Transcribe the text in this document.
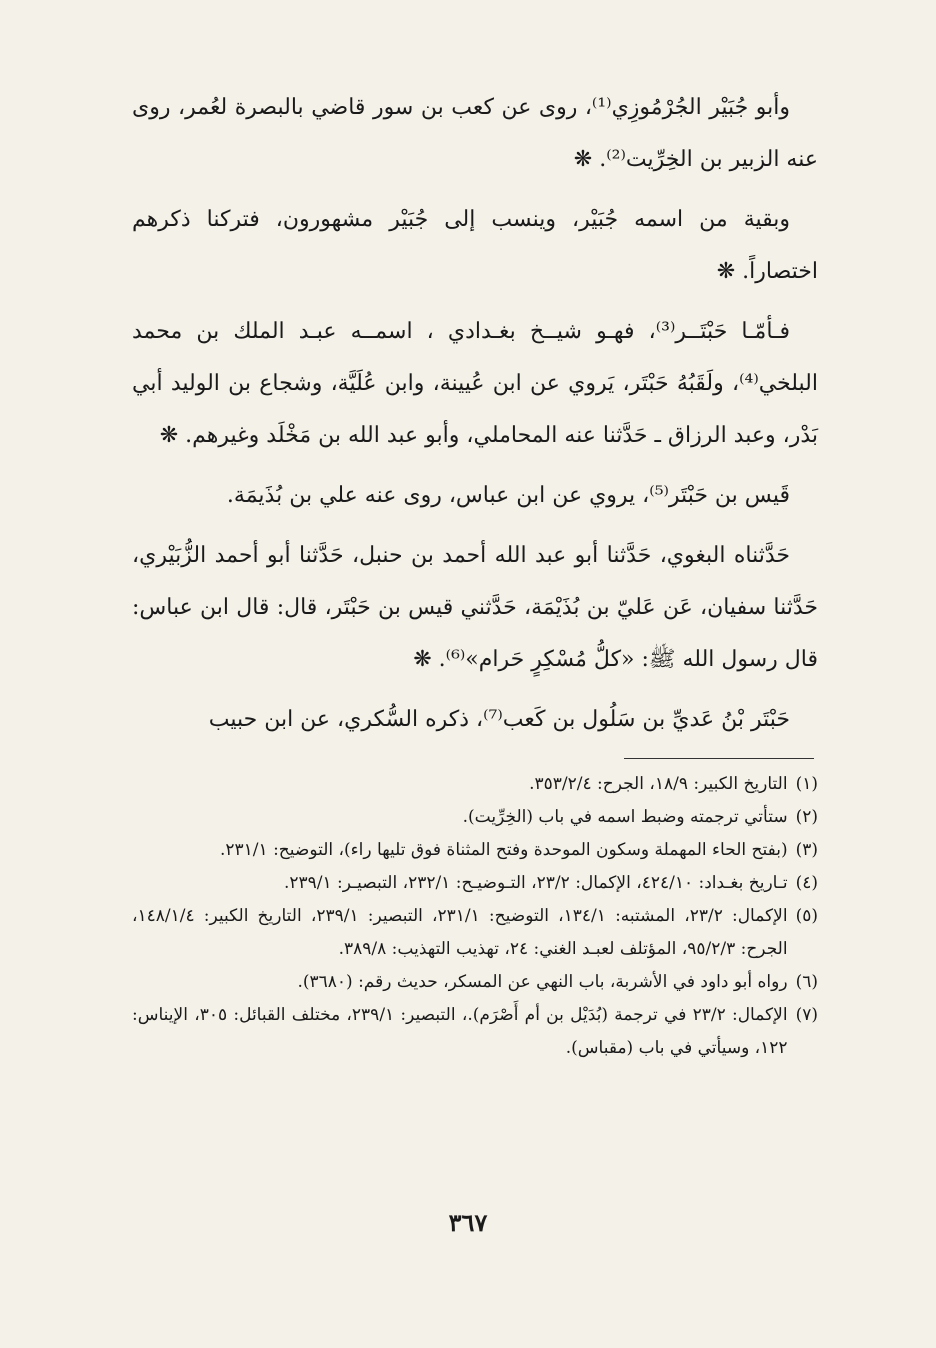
وأبو جُبَيْر الجُرْمُوزِي⁽¹⁾، روى عن كعب بن سور قاضي بالبصرة لعُمر، روى عنه الزبير بن الخِرِّيت⁽²⁾. ❋

وبقية من اسمه جُبَيْر، وينسب إلى جُبَيْر مشهورون، فتركنا ذكرهم اختصاراً. ❋

فـأمّـا حَبْتَــر⁽³⁾، فهـو شيــخ بغـدادي ، اسمــه عبـد الملك بن محمد البلخي⁽⁴⁾، ولَقَبُهُ حَبْتَر، يَروي عن ابن عُيينة، وابن عُلَيَّة، وشجاع بن الوليد أبي بَدْر، وعبد الرزاق ـ حَدَّثنا عنه المحاملي، وأبو عبد الله بن مَخْلَد وغيرهم. ❋

قَيس بن حَبْتَر⁽⁵⁾، يروي عن ابن عباس، روى عنه علي بن بُذَيمَة.

حَدَّثناه البغوي، حَدَّثنا أبو عبد الله أحمد بن حنبل، حَدَّثنا أبو أحمد الزُّبَيْري، حَدَّثنا سفيان، عَن عَليّ بن بُذَيْمَة، حَدَّثني قيس بن حَبْتَر، قال: قال ابن عباس: قال رسول الله ﷺ: «كلُّ مُسْكِرٍ حَرام»⁽⁶⁾. ❋

حَبْتَر بْنُ عَديِّ بن سَلُول بن كَعب⁽⁷⁾، ذكره السُّكري، عن ابن حبيب

(١)
التاريخ الكبير: ١٨/٩، الجرح: ٣٥٣/٢/٤.
(٢)
ستأتي ترجمته وضبط اسمه في باب (الخِرِّيت).
(٣)
(بفتح الحاء المهملة وسكون الموحدة وفتح المثناة فوق تليها راء)، التوضيح: ٢٣١/١.
(٤)
تـاريخ بغـداد: ٤٢٤/١٠، الإكمال: ٢٣/٢، التـوضيـح: ٢٣٢/١، التبصيـر: ٢٣٩/١.
(٥)
الإكمال: ٢٣/٢، المشتبه: ١٣٤/١، التوضيح: ٢٣١/١، التبصير: ٢٣٩/١، التاريخ الكبير: ١٤٨/١/٤، الجرح: ٩٥/٢/٣، المؤتلف لعبـد الغني: ٢٤، تهذيب التهذيب: ٣٨٩/٨.
(٦)
رواه أبو داود في الأشربة، باب النهي عن المسكر، حديث رقم: (٣٦٨٠).
(٧)
الإكمال: ٢٣/٢ في ترجمة (بُدَيْل بن أم أَصْرَم).، التبصير: ٢٣٩/١، مختلف القبائل: ٣٠٥، الإيناس: ١٢٢، وسيأتي في باب (مقباس).
٣٦٧
